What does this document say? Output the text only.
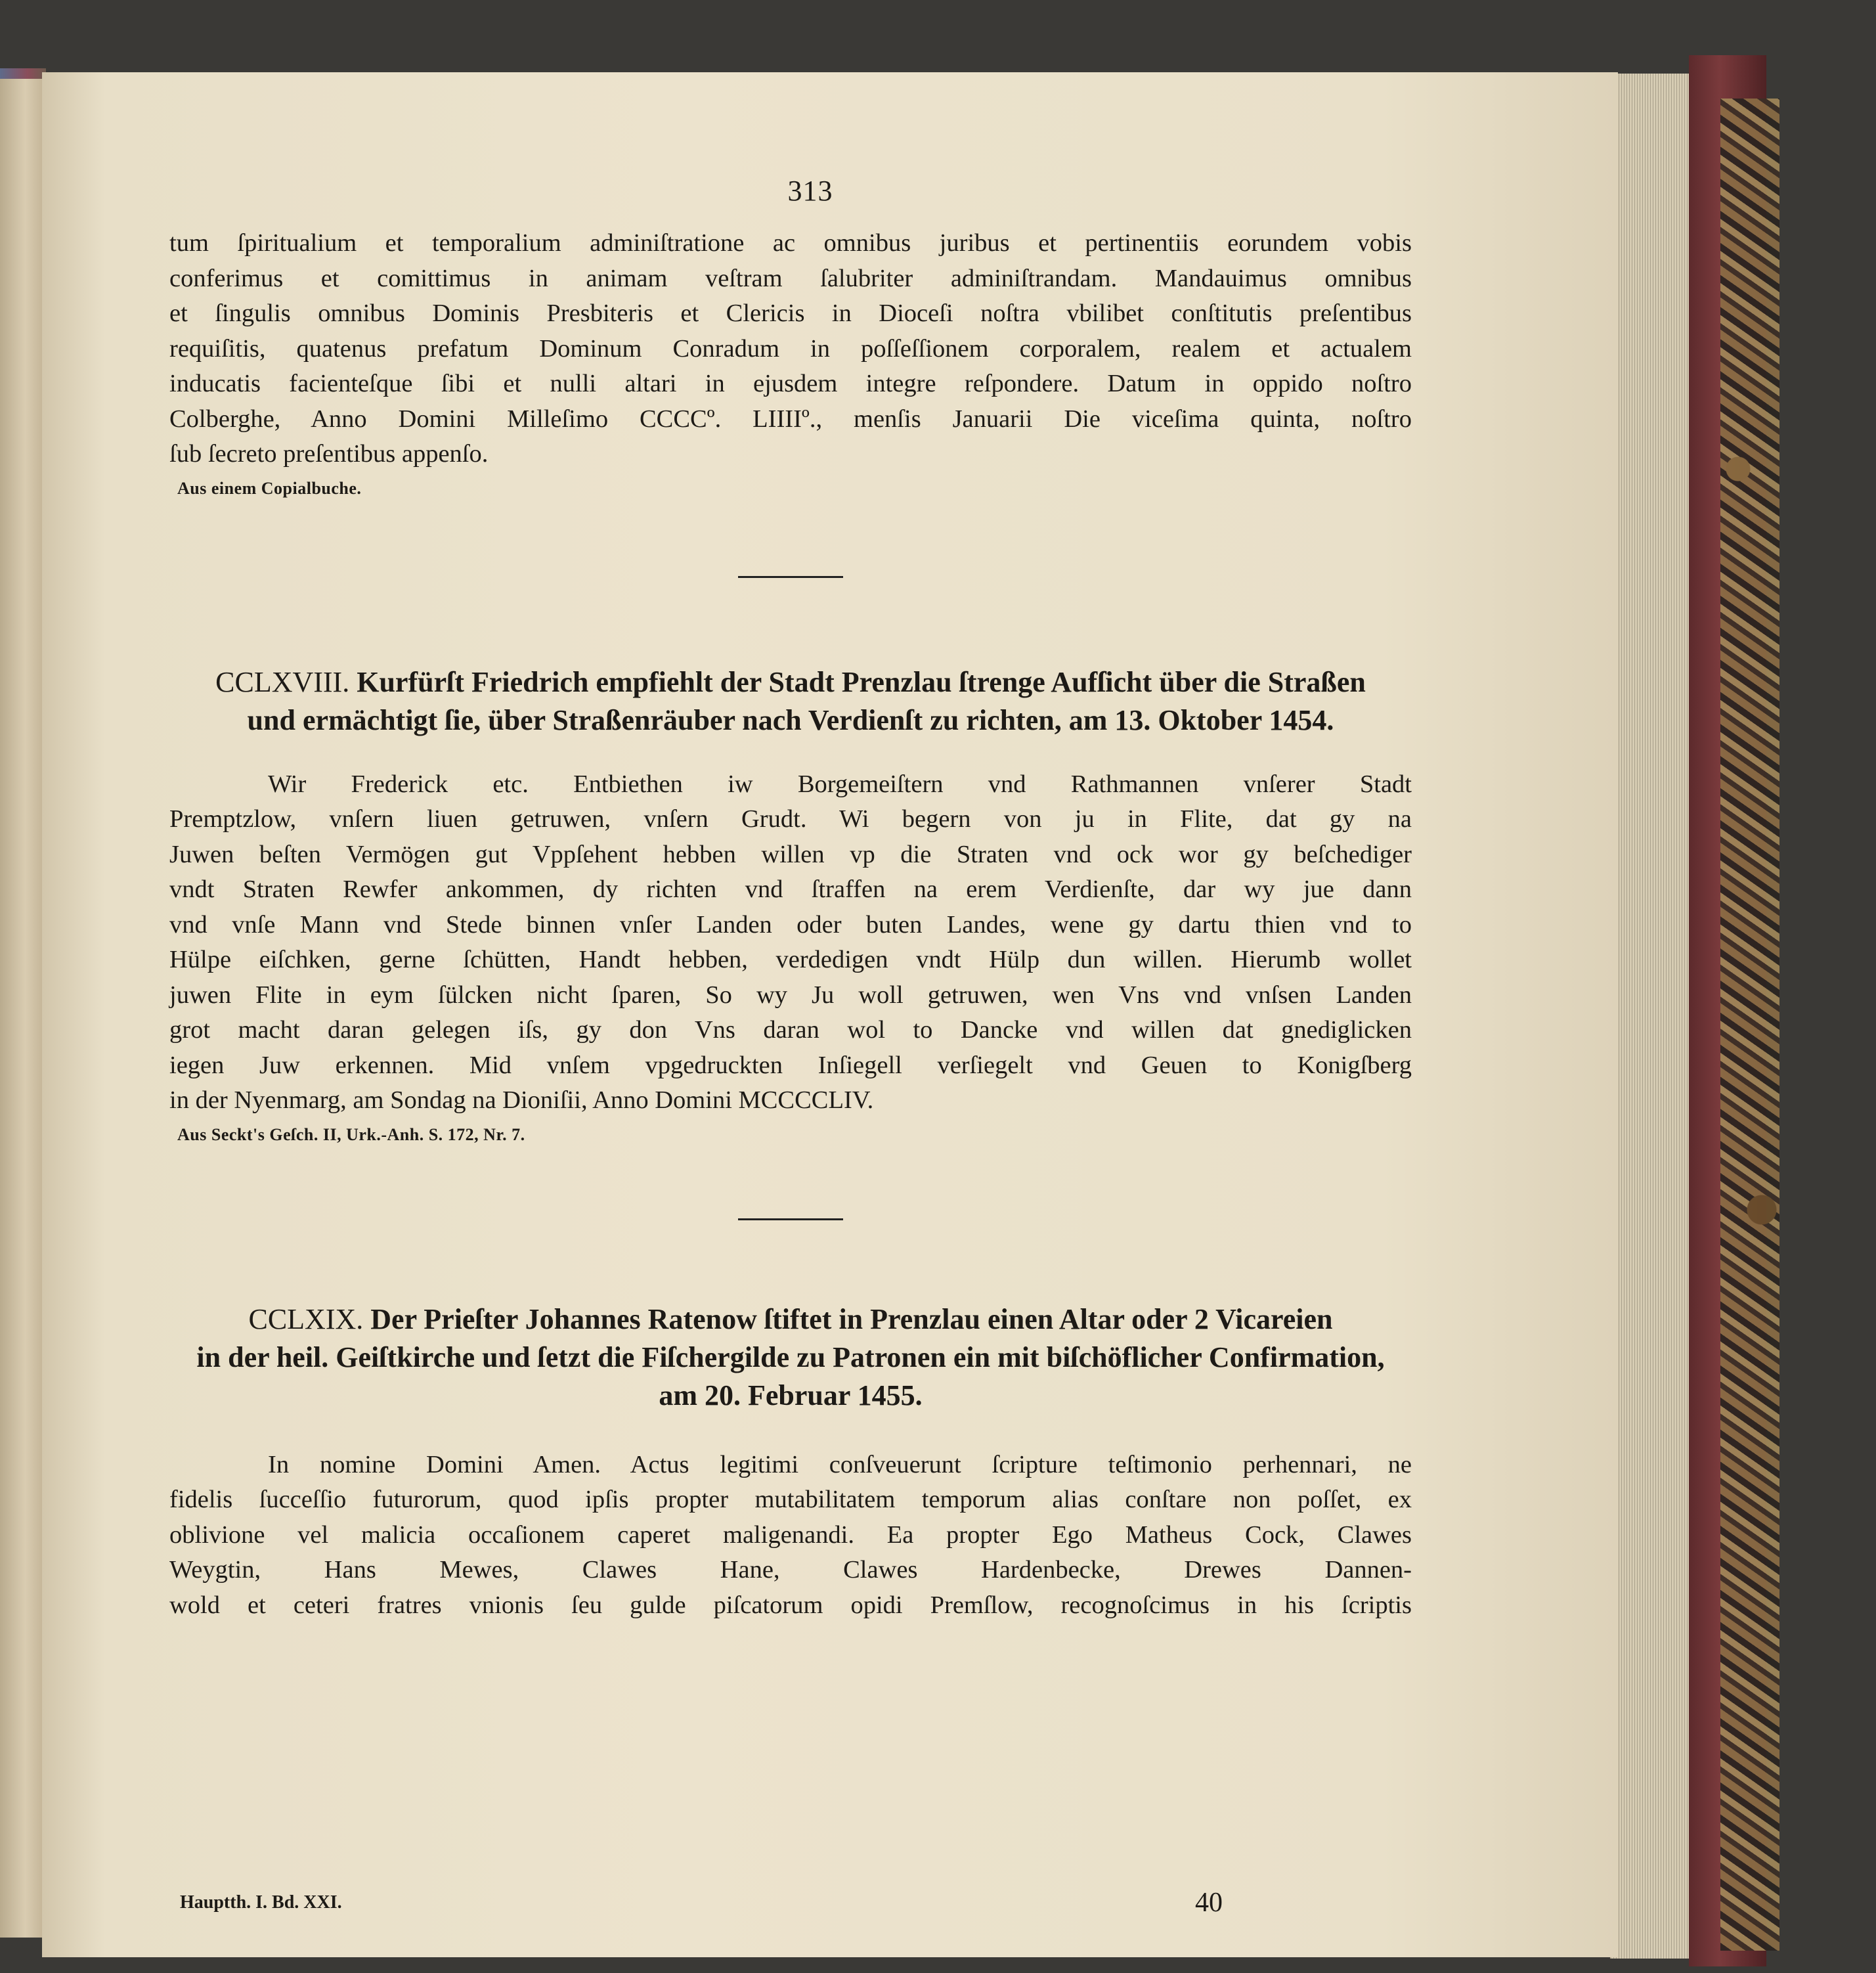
313
tum ſpiritualium et temporalium adminiſtratione ac omnibus juribus et pertinentiis eorundem vobis
conferimus et comittimus in animam veſtram ſalubriter adminiſtrandam. Mandauimus omnibus
et ſingulis omnibus Dominis Presbiteris et Clericis in Dioceſi noſtra vbilibet conſtitutis preſentibus
requiſitis, quatenus prefatum Dominum Conradum in poſſeſſionem corporalem, realem et actualem
inducatis facienteſque ſibi et nulli altari in ejusdem integre reſpondere. Datum in oppido noſtro
Colberghe, Anno Domini Milleſimo CCCCº. LIIIIº., menſis Januarii Die viceſima quinta, noſtro
ſub ſecreto preſentibus appenſo.
Aus einem Copialbuche.
CCLXVIII. Kurfürſt Friedrich empfiehlt der Stadt Prenzlau ſtrenge Aufſicht über die Straßen
und ermächtigt ſie, über Straßenräuber nach Verdienſt zu richten, am 13. Oktober 1454.
Wir Frederick etc. Entbiethen iw Borgemeiſtern vnd Rathmannen vnſerer Stadt
Premptzlow, vnſern liuen getruwen, vnſern Grudt. Wi begern von ju in Flite, dat gy na
Juwen beſten Vermögen gut Vppſehent hebben willen vp die Straten vnd ock wor gy beſchediger
vndt Straten Rewfer ankommen, dy richten vnd ſtraffen na erem Verdienſte, dar wy jue dann
vnd vnſe Mann vnd Stede binnen vnſer Landen oder buten Landes, wene gy dartu thien vnd to
Hülpe eiſchken, gerne ſchütten, Handt hebben, verdedigen vndt Hülp dun willen. Hierumb wollet
juwen Flite in eym ſülcken nicht ſparen, So wy Ju woll getruwen, wen Vns vnd vnſsen Landen
grot macht daran gelegen iſs, gy don Vns daran wol to Dancke vnd willen dat gnediglicken
iegen Juw erkennen. Mid vnſem vpgedruckten Inſiegell verſiegelt vnd Geuen to Konigſberg
in der Nyenmarg, am Sondag na Dioniſii, Anno Domini MCCCCLIV.
Aus Seckt's Geſch. II, Urk.-Anh. S. 172, Nr. 7.
CCLXIX. Der Prieſter Johannes Ratenow ſtiftet in Prenzlau einen Altar oder 2 Vicareien
in der heil. Geiſtkirche und ſetzt die Fiſchergilde zu Patronen ein mit biſchöflicher Confirmation,
am 20. Februar 1455.
In nomine Domini Amen. Actus legitimi conſveuerunt ſcripture teſtimonio perhennari, ne
fidelis ſucceſſio futurorum, quod ipſis propter mutabilitatem temporum alias conſtare non poſſet, ex
oblivione vel malicia occaſionem caperet maligenandi. Ea propter Ego Matheus Cock, Clawes
Weygtin, Hans Mewes, Clawes Hane, Clawes Hardenbecke, Drewes Dannen-
wold et ceteri fratres vnionis ſeu gulde piſcatorum opidi Premſlow, recognoſcimus in his ſcriptis
Hauptth. I. Bd. XXI.	40
